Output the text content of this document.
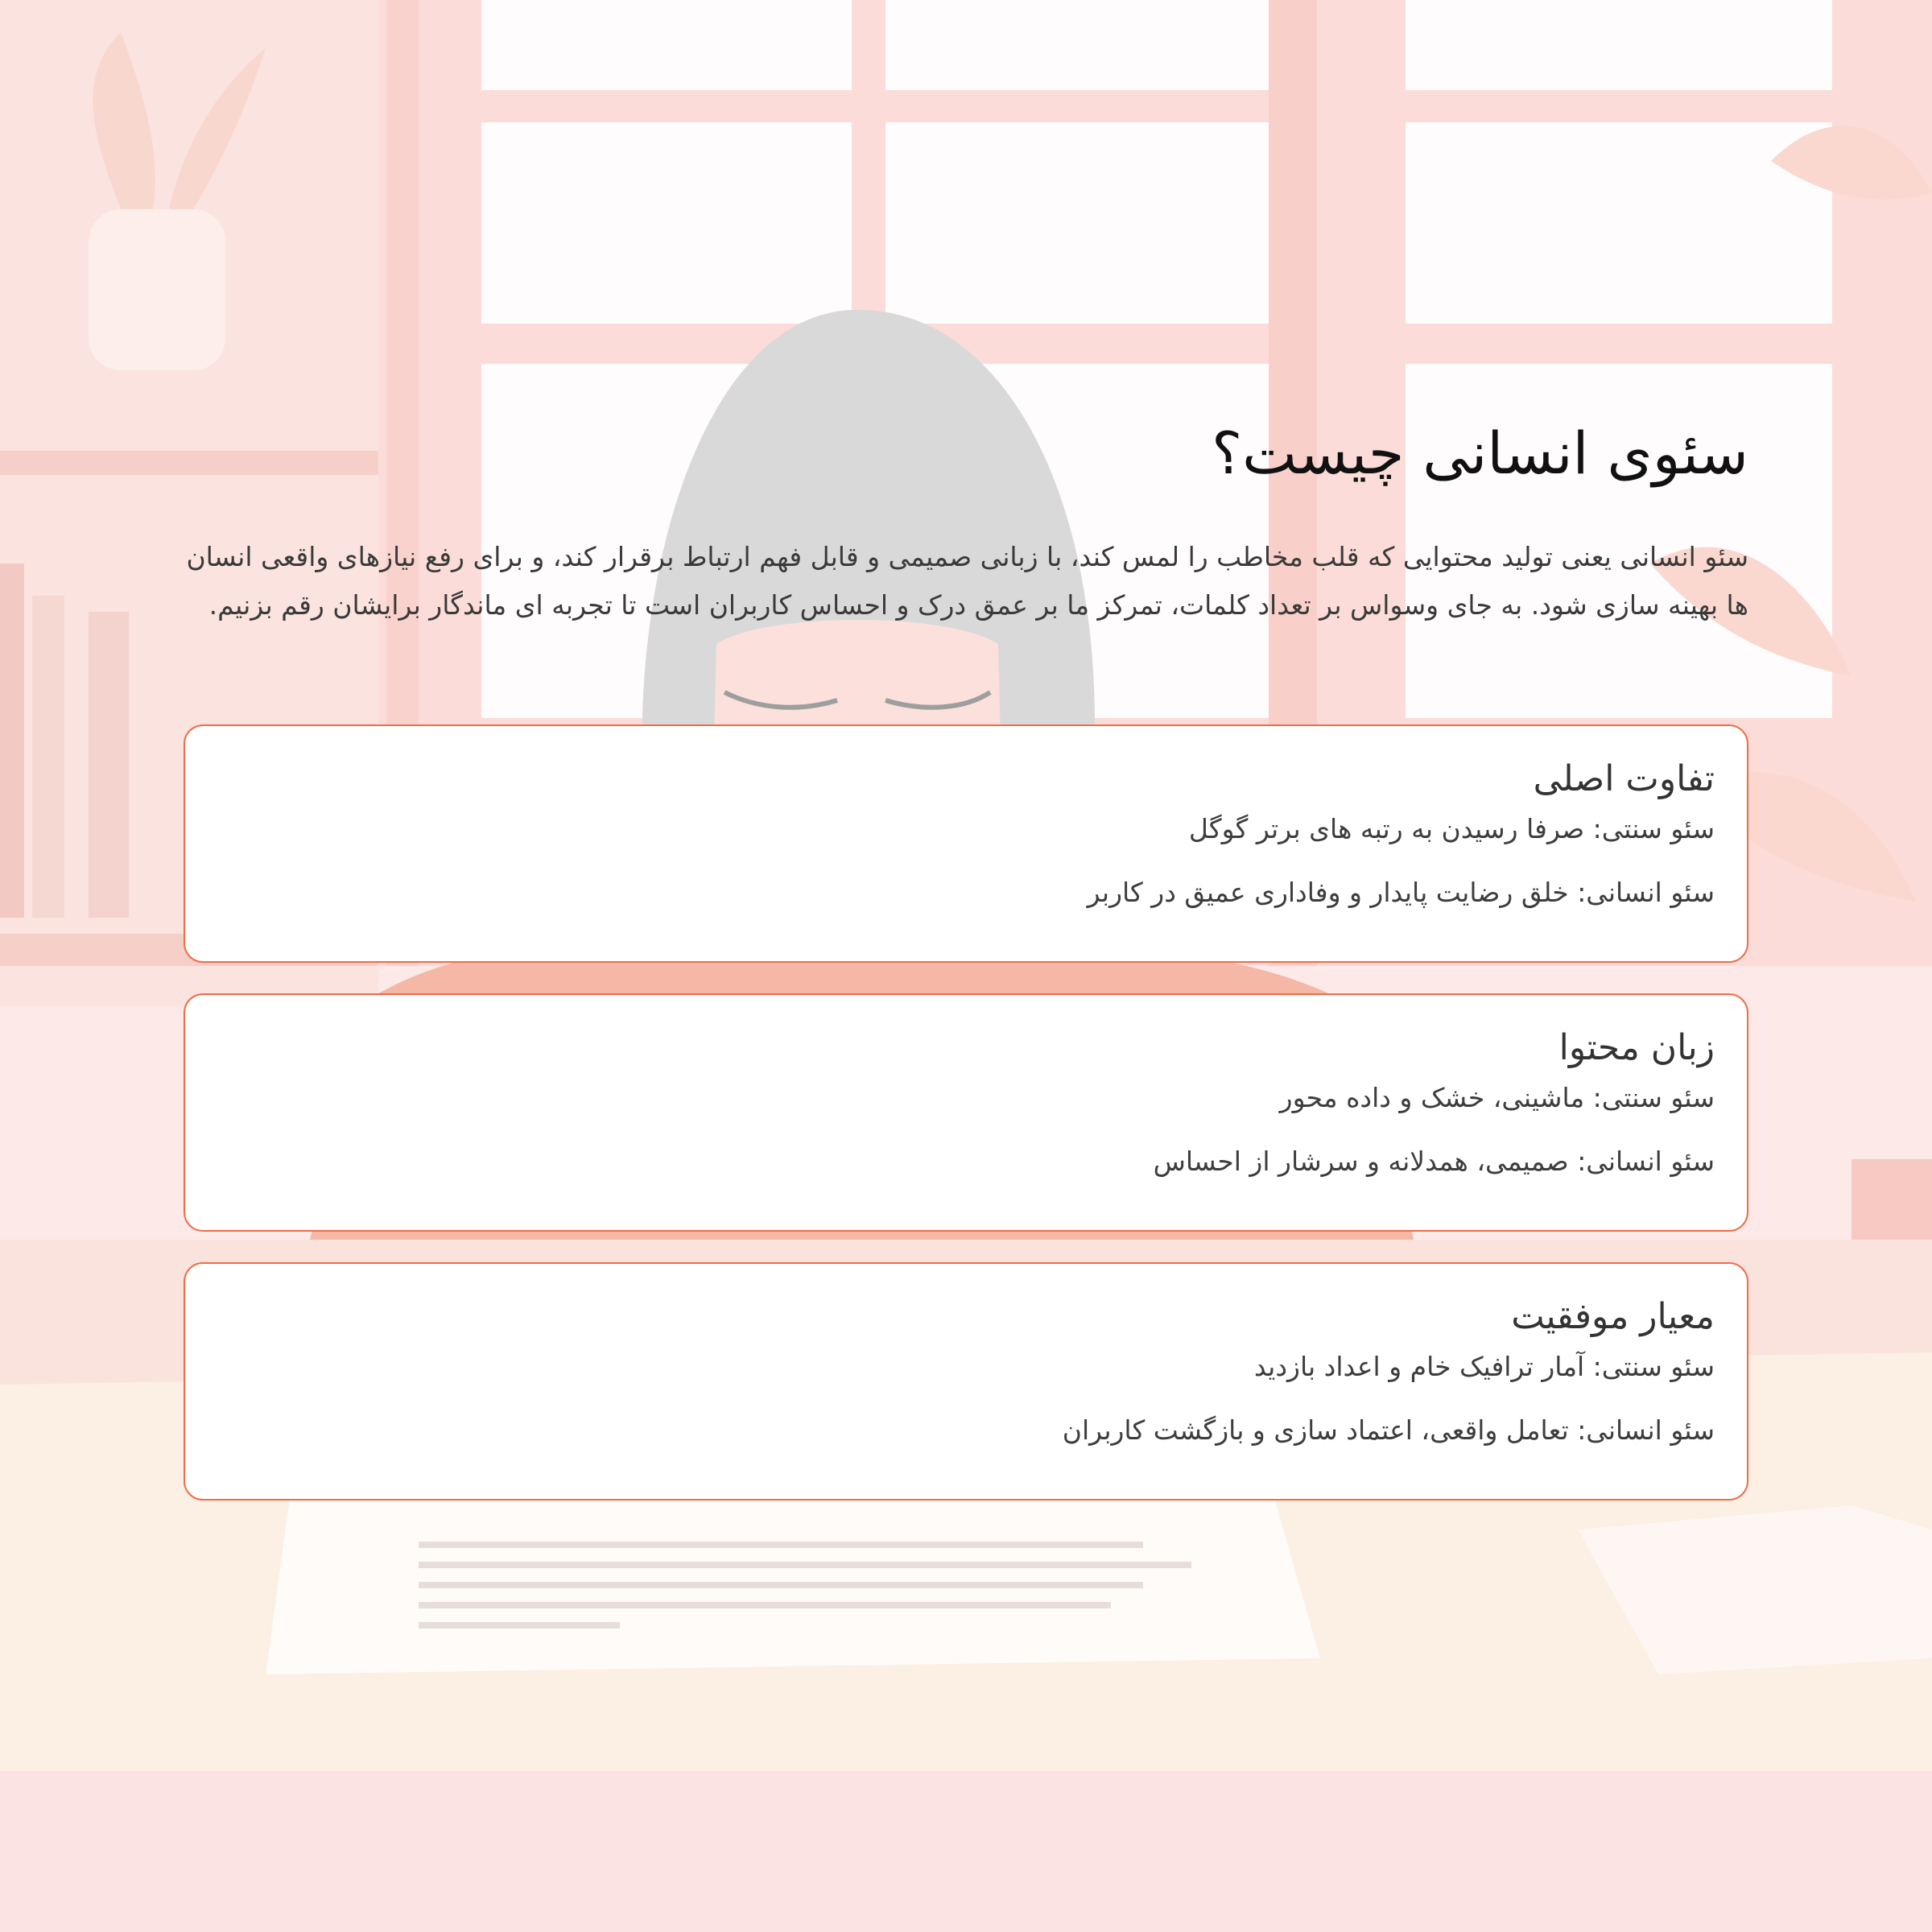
سئوی انسانی چیست؟

سئو انسانی یعنی تولید محتوایی که قلب مخاطب را لمس کند، با زبانی صمیمی و قابل فهم ارتباط برقرار کند، و برای رفع نیازهای واقعی انسان ها بهینه سازی شود. به جای وسواس بر تعداد کلمات، تمرکز ما بر عمق درک و احساس کاربران است تا تجربه ای ماندگار برایشان رقم بزنیم.

تفاوت اصلی
سئو سنتی: صرفا رسیدن به رتبه های برتر گوگل
سئو انسانی: خلق رضایت پایدار و وفاداری عمیق در کاربر
زبان محتوا
سئو سنتی: ماشینی، خشک و داده محور
سئو انسانی: صمیمی، همدلانه و سرشار از احساس
معیار موفقیت
سئو سنتی: آمار ترافیک خام و اعداد بازدید
سئو انسانی: تعامل واقعی، اعتماد سازی و بازگشت کاربران
